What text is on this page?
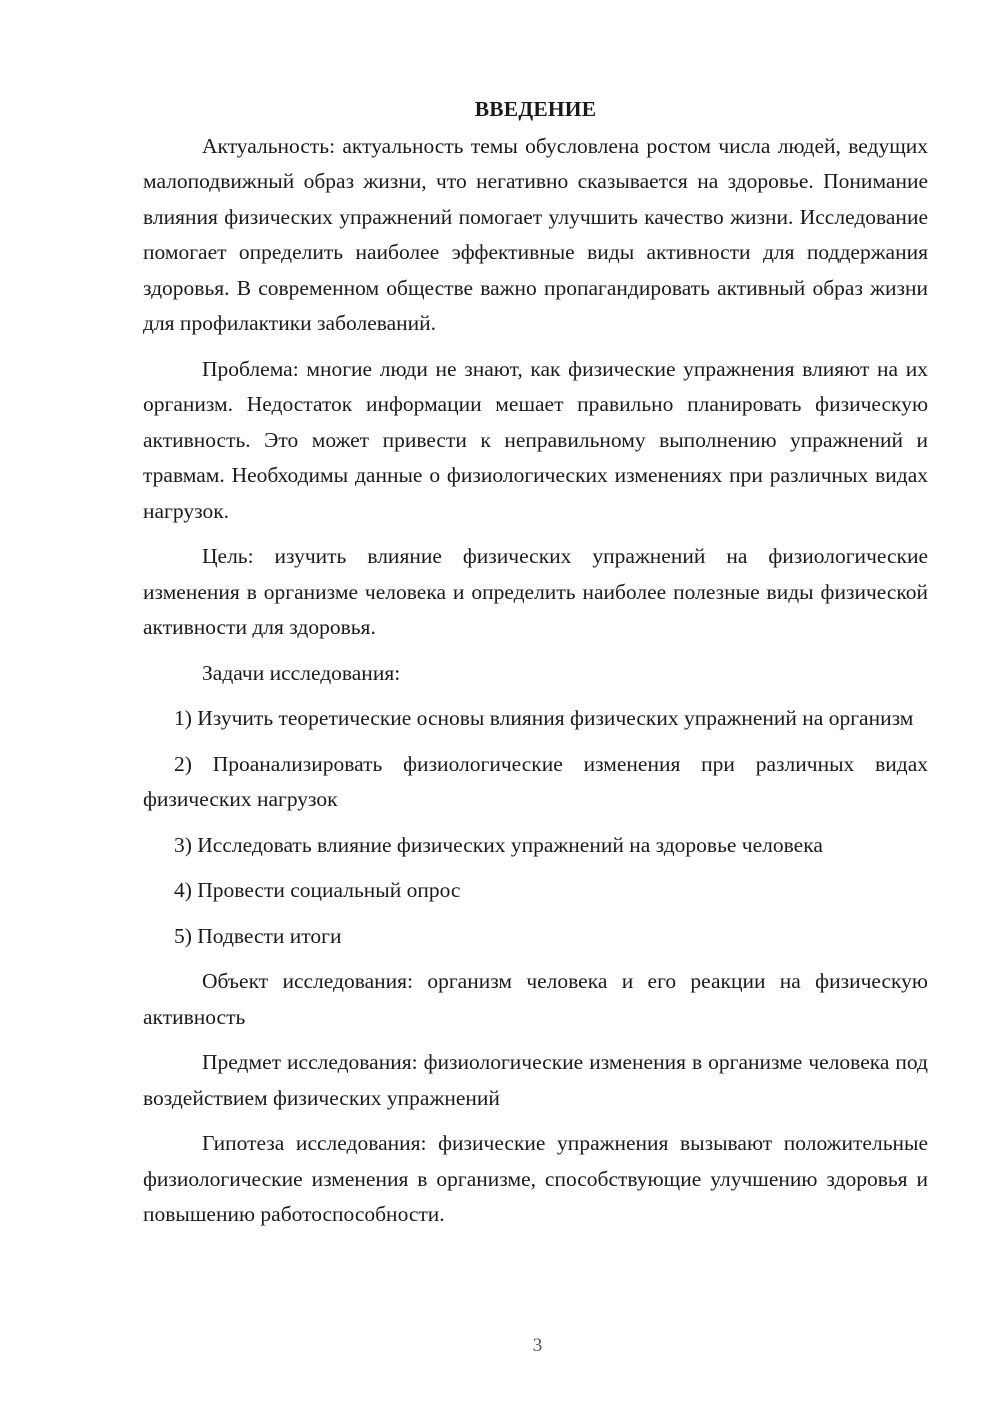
ВВЕДЕНИЕ

Актуальность: актуальность темы обусловлена ростом числа людей, ведущих малоподвижный образ жизни, что негативно сказывается на здоровье. Понимание влияния физических упражнений помогает улучшить качество жизни. Исследование помогает определить наиболее эффективные виды активности для поддержания здоровья. В современном обществе важно пропагандировать активный образ жизни для профилактики заболеваний.

Проблема: многие люди не знают, как физические упражнения влияют на их организм. Недостаток информации мешает правильно планировать физическую активность. Это может привести к неправильному выполнению упражнений и травмам. Необходимы данные о физиологических изменениях при различных видах нагрузок.

Цель: изучить влияние физических упражнений на физиологические изменения в организме человека и определить наиболее полезные виды физической активности для здоровья.

Задачи исследования:

1) Изучить теоретические основы влияния физических упражнений на организм

2) Проанализировать физиологические изменения при различных видах физических нагрузок

3) Исследовать влияние физических упражнений на здоровье человека

4) Провести социальный опрос

5) Подвести итоги

Объект исследования: организм человека и его реакции на физическую активность

Предмет исследования: физиологические изменения в организме человека под воздействием физических упражнений

Гипотеза исследования: физические упражнения вызывают положительные физиологические изменения в организме, способствующие улучшению здоровья и повышению работоспособности.

3
